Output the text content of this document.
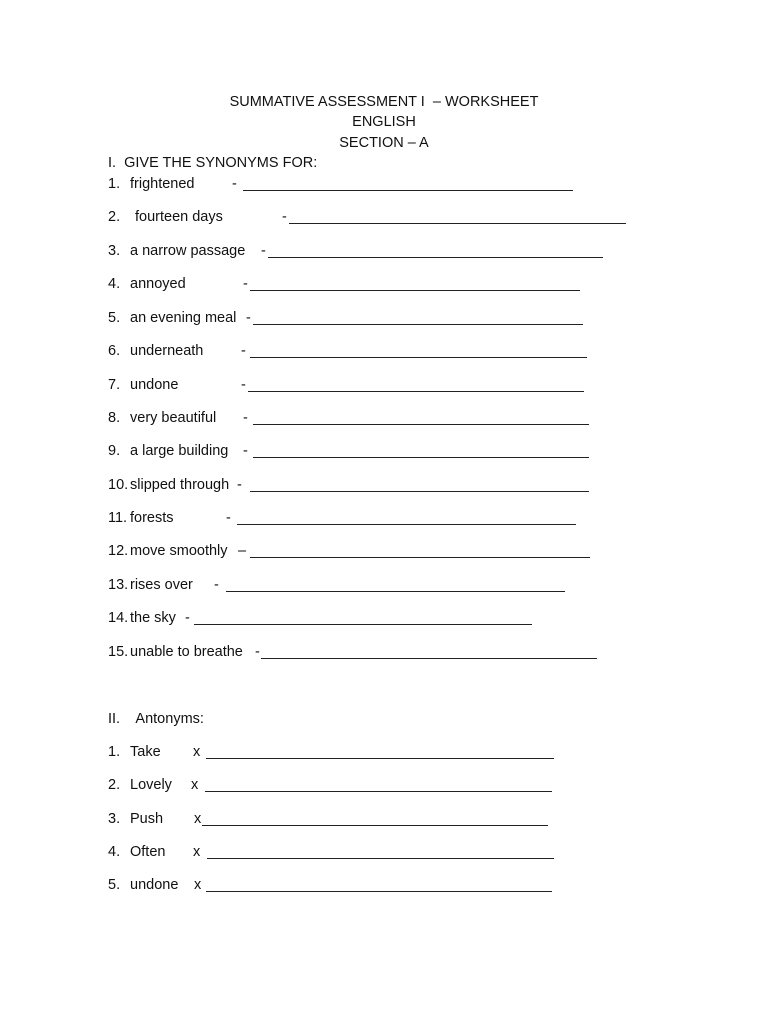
SUMMATIVE ASSESSMENT I – WORKSHEET
ENGLISH
SECTION – A
I. GIVE THE SYNONYMS FOR:
1. frightened	-
2. fourteen days	-
3. a narrow passage -
4. annoyed	-
5. an evening meal -
6. underneath	-
7. undone	-
8. very beautiful -
9. a large building -
10. slipped through -
11. forests	-
12. move smoothly –
13. rises over -
14. the sky -
15. unable to breathe -
II. Antonyms:
1. Take x
2. Lovely x
3. Push x
4. Often x
5. undone x
